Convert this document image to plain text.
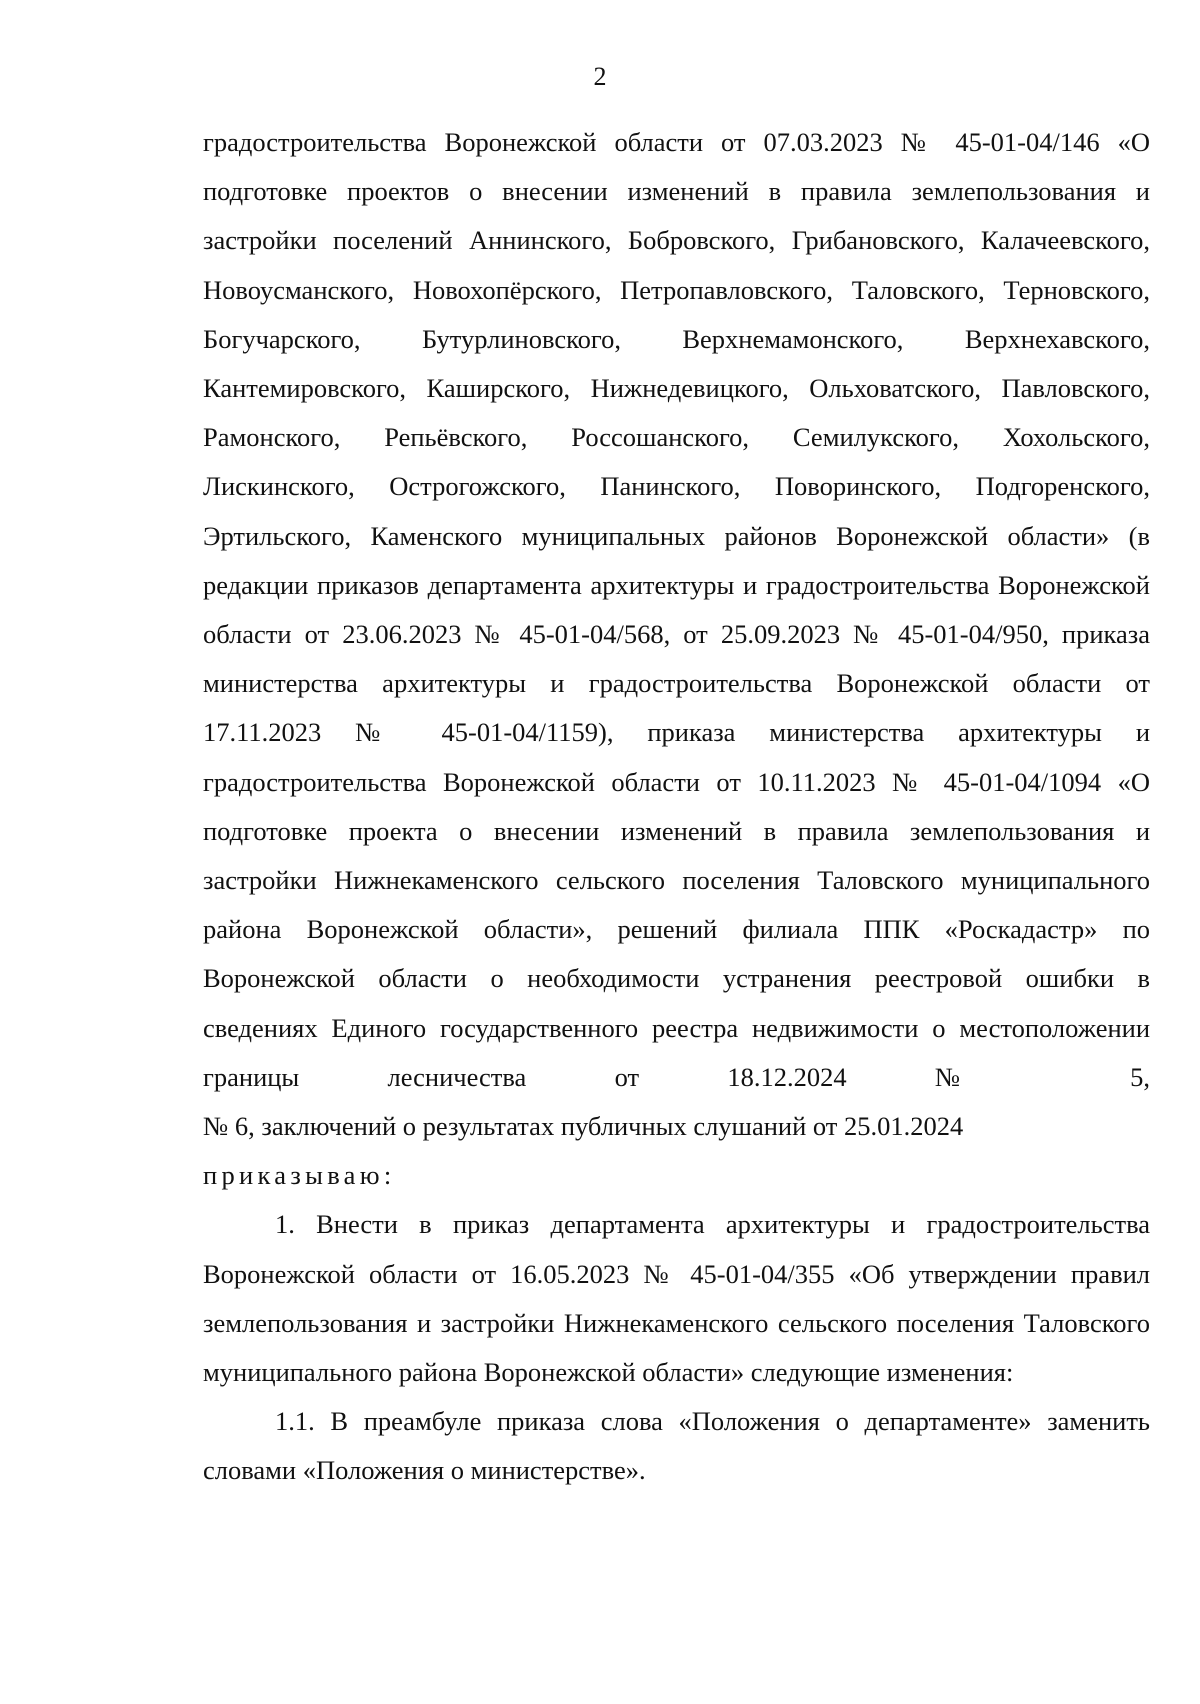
2

градостроительства Воронежской области от 07.03.2023 № 45-01-04/146 «О подготовке проектов о внесении изменений в правила землепользования и застройки поселений Аннинского, Бобровского, Грибановского, Калачеевского, Новоусманского, Новохопёрского, Петропавловского, Таловского, Терновского, Богучарского, Бутурлиновского, Верхнемамонского, Верхнехавского, Кантемировского, Каширского, Нижнедевицкого, Ольховатского, Павловского, Рамонского, Репьёвского, Россошанского, Семилукского, Хохольского, Лискинского, Острогожского, Панинского, Поворинского, Подгоренского, Эртильского, Каменского муниципальных районов Воронежской области» (в редакции приказов департамента архитектуры и градостроительства Воронежской области от 23.06.2023 № 45-01-04/568, от 25.09.2023 № 45-01-04/950, приказа министерства архитектуры и градостроительства Воронежской области от 17.11.2023 № 45-01-04/1159), приказа министерства архитектуры и градостроительства Воронежской области от 10.11.2023 № 45-01-04/1094 «О подготовке проекта о внесении изменений в правила землепользования и застройки Нижнекаменского сельского поселения Таловского муниципального района Воронежской области», решений филиала ППК «Роскадастр» по Воронежской области о необходимости устранения реестровой ошибки в сведениях Единого государственного реестра недвижимости о местоположении границы лесничества от 18.12.2024 № 5,

№ 6, заключений о результатах публичных слушаний от 25.01.2024

приказываю:

1. Внести в приказ департамента архитектуры и градостроительства Воронежской области от 16.05.2023 № 45-01-04/355 «Об утверждении правил землепользования и застройки Нижнекаменского сельского поселения Таловского муниципального района Воронежской области» следующие изменения:

1.1. В преамбуле приказа слова «Положения о департаменте» заменить словами «Положения о министерстве».
